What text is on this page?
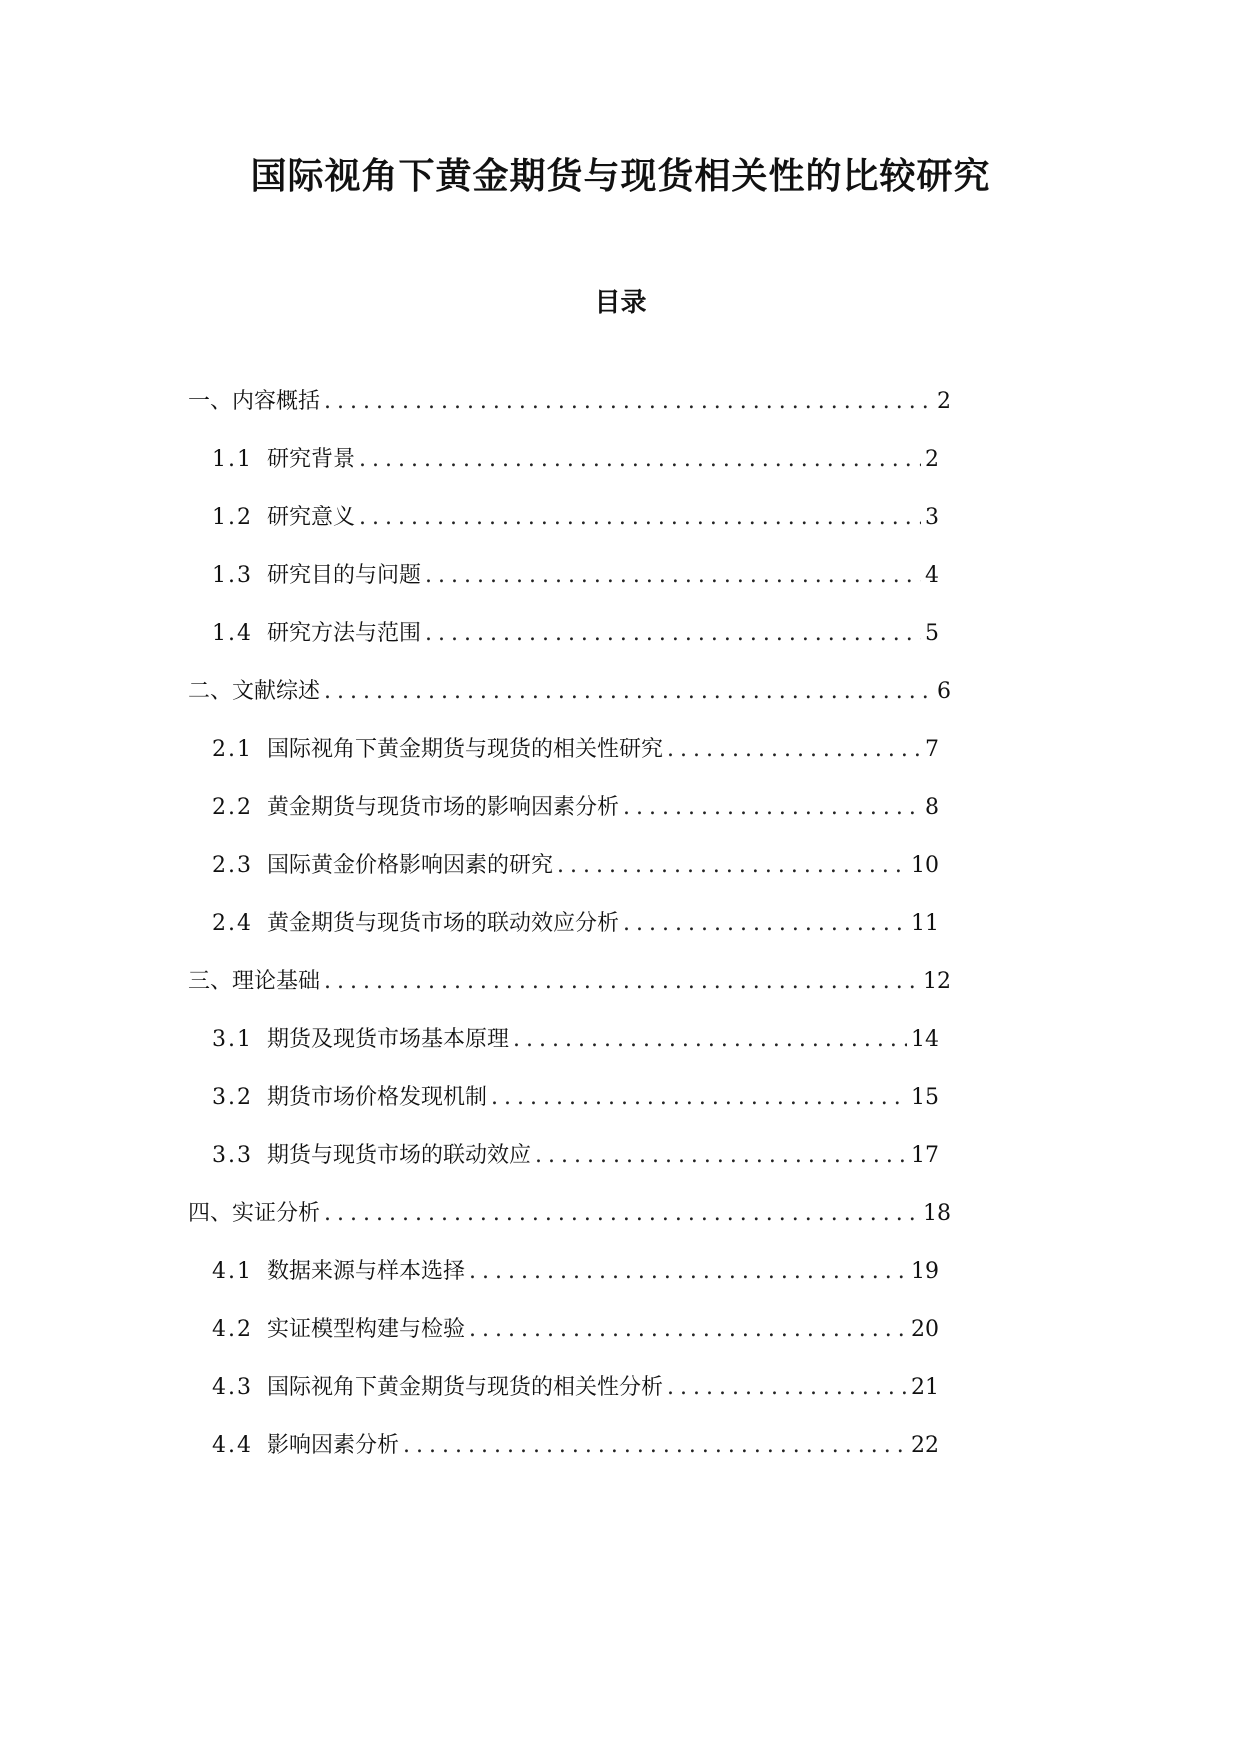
国际视角下黄金期货与现货相关性的比较研究
目录
一、内容概括 .....	2
1.1 研究背景 .....	2
1.2 研究意义 .....	3
1.3 研究目的与问题 .....	4
1.4 研究方法与范围 .....	5
二、文献综述 .....	6
2.1 国际视角下黄金期货与现货的相关性研究 .....	7
2.2 黄金期货与现货市场的影响因素分析 .....	8
2.3 国际黄金价格影响因素的研究 .....	10
2.4 黄金期货与现货市场的联动效应分析 .....	11
三、理论基础 .....	12
3.1 期货及现货市场基本原理 .....	14
3.2 期货市场价格发现机制 .....	15
3.3 期货与现货市场的联动效应 .....	17
四、实证分析 .....	18
4.1 数据来源与样本选择 .....	19
4.2 实证模型构建与检验 .....	20
4.3 国际视角下黄金期货与现货的相关性分析 .....	21
4.4 影响因素分析 .....	22
